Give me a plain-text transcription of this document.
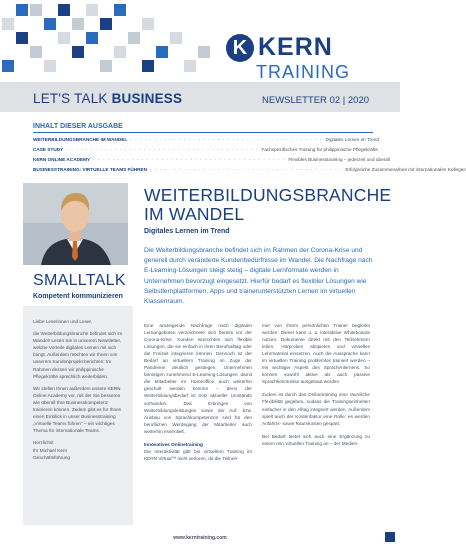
K KERN
TRAINING
LET'S TALK BUSINESS	NEWSLETTER 02 | 2020
INHALT DIESER AUSGABE
WEITERBILDUNGSBRANCHE IM WANDEL - - - - - - - - - - - - - - - - - - - - - - - - - - - - - - - - - - - - - - - - Digitales Lernen im Trend
CASE STUDY - - - - - - - - - - - - - - - - - - - - - - - - - - - - - - - - - - - - - - - - Fachspezifisches Training für philippinische Pflegekräfte
KERN ONLINE ACADEMY - - - - - - - - - - - - - - - - - - - - - - - - - - - - - - - - - - - - - - - - Flexibles Businesstraining – jederzeit und überall
BUSINESSTRAINING: VIRTUELLE TEAMS FÜHREN - - - - - - - - - - - - - - - - - - - - - - - - - - - - - - - - - - - - - - - - Erfolgreiche Zusammenarbeit mit internationalen Kollegen
SMALLTALK
Kompetent kommunizieren

Liebe Leserinnen und Leser,

die Weiterbildungsbranche befindet sich im Wandel! Lesen Sie in unserem Newsletter, welche Vorteile digitales Lernen mit sich bringt. Außerdem möchten wir Ihnen von unserem Kundenprojekt berichten: Im Rahmen dessen wir philippinische Pflegekräfte sprachlich weiterbilden.

Wir stellen Ihnen außerdem unsere KERN Online Academy vor, mit der Sie besseren wie überall Ihre Businesskompetenz trainieren können. Zudem gibt es für Ihnen einen Einblick in unser Businesstraining „Virtuelle Teams führen" – ein wichtiges Thema für internationale Teams.

Herzlichst
Ihr Michael Kern
Geschäftsführung

WEITERBILDUNGSBRANCHE IM WANDEL
Digitales Lernen im Trend
Die Weiterbildungsbranche befindet sich im Rahmen der Corona-Krise und generell durch veränderte Kundenbedürfnisse im Wandel. Die Nachfrage nach E-Learning-Lösungen steigt stetig – digitale Lernformate werden in Unternehmen bevorzugt eingesetzt. Hierfür bedarf es flexibler Lösungen wie Selbstlernplattformen, Apps und trainerunterstützten Lernen im virtuellen Klassenraum.

Eine ansteigende Nachfrage nach digitalen Lernangeboten verzeichnete sich bereits vor der Corona-Krise: Kunden wünschten sich flexible Lösungen, die sie einfach in ihren Berufsalltag oder die Freizeit integrieren können. Dennoch ist der Bedarf an virtuellem Training im Zuge der Pandemie deutlich gestiegen. Unternehmen benötigen zunehmend E-Learning-Lösungen, damit die Mitarbeiter im Homeoffice auch weiterhin geschult werden können – denn der Weiterbildungsbedarf ist trotz aktueller Umstände vorhanden. Das Erbringen von Weiterbildungsleistungen sowie der Auf- bzw. Ausbau von Sprachkompetenzen sind für den beruflichen Werdegang der Mitarbeiter auch weiterhin essentiell.

Innovatives Onlinetraining

Die Interaktivität gibt bei virtuellem Training im KERN Virtual™ nicht verloren, da die Teilneh-

mer von ihrem persönlichen Trainer begleitet werden. Dieser kann u. a. interaktive Whiteboards nutzen, Dokumente direkt mit den Teilnehmern teilen, Hörproben abspielen und virtuelles Lehrmaterial einsetzen. Auch die Aussprache kann im virtuellen Training problemlos trainiert werden – ein wichtiger Aspekt des Sprachenlernens. So können sowohl aktive als auch passive Sprachkenntnisse ausgebaut werden.

Zudem ist durch das Onlinetraining eine räumliche Flexibilität gegeben, sodass die Trainingseinheiten einfacher in den Alltag integriert werden. Außerdem spielt auch der Kostenfaktor eine Rolle: es werden Anfahrts- sowie Raumkosten gespart.

Bei Bedarf bietet sich auch eine Ergänzung zu einem rein virtuellen Training an – der Medien-

www.kerntraining.com
